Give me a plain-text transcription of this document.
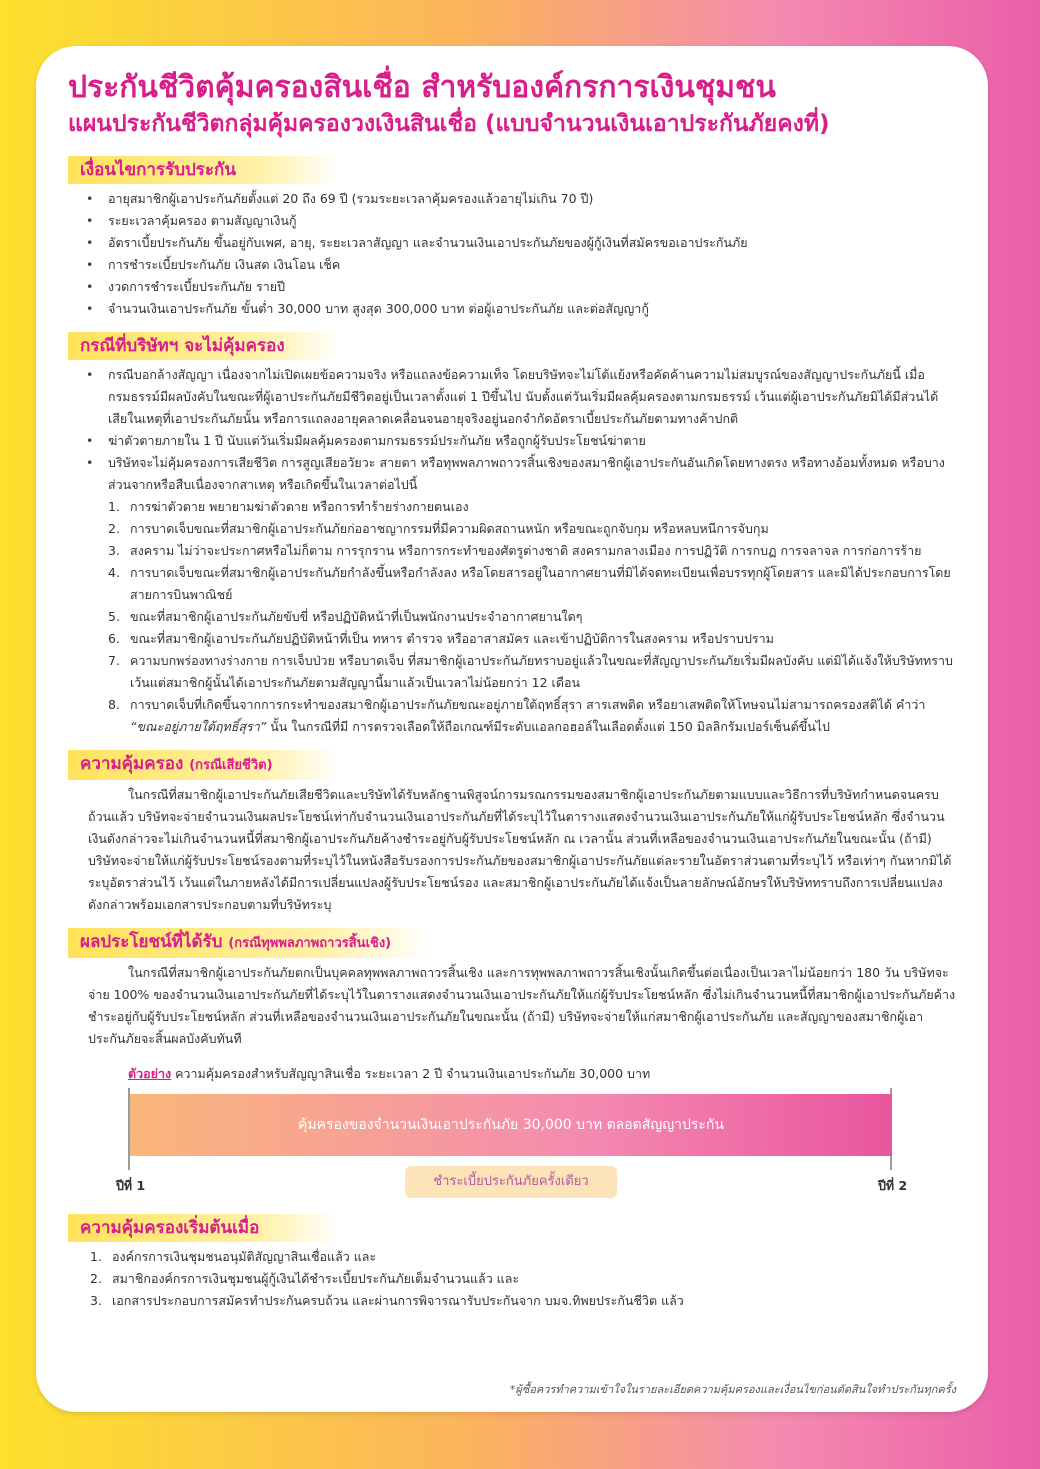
ประกันชีวิตคุ้มครองสินเชื่อ สำหรับองค์กรการเงินชุมชน
แผนประกันชีวิตกลุ่มคุ้มครองวงเงินสินเชื่อ (แบบจำนวนเงินเอาประกันภัยคงที่)
เงื่อนไขการรับประกัน
• อายุสมาชิกผู้เอาประกันภัยตั้งแต่ 20 ถึง 69 ปี (รวมระยะเวลาคุ้มครองแล้วอายุไม่เกิน 70 ปี)
• ระยะเวลาคุ้มครอง ตามสัญญาเงินกู้
• อัตราเบี้ยประกันภัย ขึ้นอยู่กับเพศ, อายุ, ระยะเวลาสัญญา และจำนวนเงินเอาประกันภัยของผู้กู้เงินที่สมัครขอเอาประกันภัย
• การชำระเบี้ยประกันภัย เงินสด เงินโอน เช็ค
• งวดการชำระเบี้ยประกันภัย รายปี
• จำนวนเงินเอาประกันภัย ขั้นต่ำ 30,000 บาท สูงสุด 300,000 บาท ต่อผู้เอาประกันภัย และต่อสัญญากู้
กรณีที่บริษัทฯ จะไม่คุ้มครอง
• กรณีบอกล้างสัญญา เนื่องจากไม่เปิดเผยข้อความจริง หรือแถลงข้อความเท็จ โดยบริษัทจะไม่โต้แย้งหรือคัดค้านความไม่สมบูรณ์ของสัญญาประกันภัยนี้ เมื่อกรมธรรม์มีผลบังคับในขณะที่ผู้เอาประกันภัยมีชีวิตอยู่เป็นเวลาตั้งแต่ 1 ปีขึ้นไป นับตั้งแต่วันเริ่มมีผลคุ้มครองตามกรมธรรม์ เว้นแต่ผู้เอาประกันภัยมิได้มีส่วนได้เสียในเหตุที่เอาประกันภัยนั้น หรือการแถลงอายุคลาดเคลื่อนจนอายุจริงอยู่นอกจำกัดอัตราเบี้ยประกันภัยตามทางค้าปกติ
• ฆ่าตัวตายภายใน 1 ปี นับแต่วันเริ่มมีผลคุ้มครองตามกรมธรรม์ประกันภัย หรือถูกผู้รับประโยชน์ฆ่าตาย
• บริษัทจะไม่คุ้มครองการเสียชีวิต การสูญเสียอวัยวะ สายตา หรือทุพพลภาพถาวรสิ้นเชิงของสมาชิกผู้เอาประกันอันเกิดโดยทางตรง หรือทางอ้อมทั้งหมด หรือบางส่วนจากหรือสืบเนื่องจากสาเหตุ หรือเกิดขึ้นในเวลาต่อไปนี้
1. การฆ่าตัวตาย พยายามฆ่าตัวตาย หรือการทำร้ายร่างกายตนเอง
2. การบาดเจ็บขณะที่สมาชิกผู้เอาประกันภัยก่ออาชญากรรมที่มีความผิดสถานหนัก หรือขณะถูกจับกุม หรือหลบหนีการจับกุม
3. สงคราม ไม่ว่าจะประกาศหรือไม่ก็ตาม การรุกราน หรือการกระทำของศัตรูต่างชาติ สงครามกลางเมือง การปฏิวัติ การกบฏ การจลาจล การก่อการร้าย
4. การบาดเจ็บขณะที่สมาชิกผู้เอาประกันภัยกำลังขึ้นหรือกำลังลง หรือโดยสารอยู่ในอากาศยานที่มิได้จดทะเบียนเพื่อบรรทุกผู้โดยสาร และมิได้ประกอบการโดยสายการบินพาณิชย์
5. ขณะที่สมาชิกผู้เอาประกันภัยขับขี่ หรือปฏิบัติหน้าที่เป็นพนักงานประจำอากาศยานใดๆ
6. ขณะที่สมาชิกผู้เอาประกันภัยปฏิบัติหน้าที่เป็น ทหาร ตำรวจ หรืออาสาสมัคร และเข้าปฏิบัติการในสงคราม หรือปราบปราม
7. ความบกพร่องทางร่างกาย การเจ็บป่วย หรือบาดเจ็บ ที่สมาชิกผู้เอาประกันภัยทราบอยู่แล้วในขณะที่สัญญาประกันภัยเริ่มมีผลบังคับ แต่มิได้แจ้งให้บริษัททราบ เว้นแต่สมาชิกผู้นั้นได้เอาประกันภัยตามสัญญานี้มาแล้วเป็นเวลาไม่น้อยกว่า 12 เดือน
8. การบาดเจ็บที่เกิดขึ้นจากการกระทำของสมาชิกผู้เอาประกันภัยขณะอยู่ภายใต้ฤทธิ์สุรา สารเสพติด หรือยาเสพติดให้โทษจนไม่สามารถครองสติได้ คำว่า “ขณะอยู่ภายใต้ฤทธิ์สุรา” นั้น ในกรณีที่มี การตรวจเลือดให้ถือเกณฑ์มีระดับแอลกอฮอล์ในเลือดตั้งแต่ 150 มิลลิกรัมเปอร์เซ็นต์ขึ้นไป
ความคุ้มครอง (กรณีเสียชีวิต)

ในกรณีที่สมาชิกผู้เอาประกันภัยเสียชีวิตและบริษัทได้รับหลักฐานพิสูจน์การมรณกรรมของสมาชิกผู้เอาประกันภัยตามแบบและวิธีการที่บริษัทกำหนดจนครบถ้วนแล้ว บริษัทจะจ่ายจำนวนเงินผลประโยชน์เท่ากับจำนวนเงินเอาประกันภัยที่ได้ระบุไว้ในตารางแสดงจำนวนเงินเอาประกันภัยให้แก่ผู้รับประโยชน์หลัก ซึ่งจำนวนเงินดังกล่าวจะไม่เกินจำนวนหนี้ที่สมาชิกผู้เอาประกันภัยค้างชำระอยู่กับผู้รับประโยชน์หลัก ณ เวลานั้น ส่วนที่เหลือของจำนวนเงินเอาประกันภัยในขณะนั้น (ถ้ามี) บริษัทจะจ่ายให้แก่ผู้รับประโยชน์รองตามที่ระบุไว้ในหนังสือรับรองการประกันภัยของสมาชิกผู้เอาประกันภัยแต่ละรายในอัตราส่วนตามที่ระบุไว้ หรือเท่าๆ กันหากมิได้ระบุอัตราส่วนไว้ เว้นแต่ในภายหลังได้มีการเปลี่ยนแปลงผู้รับประโยชน์รอง และสมาชิกผู้เอาประกันภัยได้แจ้งเป็นลายลักษณ์อักษรให้บริษัททราบถึงการเปลี่ยนแปลงดังกล่าวพร้อมเอกสารประกอบตามที่บริษัทระบุ

ผลประโยชน์ที่ได้รับ (กรณีทุพพลภาพถาวรสิ้นเชิง)

ในกรณีที่สมาชิกผู้เอาประกันภัยตกเป็นบุคคลทุพพลภาพถาวรสิ้นเชิง และการทุพพลภาพถาวรสิ้นเชิงนั้นเกิดขึ้นต่อเนื่องเป็นเวลาไม่น้อยกว่า 180 วัน บริษัทจะจ่าย 100% ของจำนวนเงินเอาประกันภัยที่ได้ระบุไว้ในตารางแสดงจำนวนเงินเอาประกันภัยให้แก่ผู้รับประโยชน์หลัก ซึ่งไม่เกินจำนวนหนี้ที่สมาชิกผู้เอาประกันภัยค้างชำระอยู่กับผู้รับประโยชน์หลัก ส่วนที่เหลือของจำนวนเงินเอาประกันภัยในขณะนั้น (ถ้ามี) บริษัทจะจ่ายให้แก่สมาชิกผู้เอาประกันภัย และสัญญาของสมาชิกผู้เอาประกันภัยจะสิ้นผลบังคับทันที

ตัวอย่าง ความคุ้มครองสำหรับสัญญาสินเชื่อ ระยะเวลา 2 ปี จำนวนเงินเอาประกันภัย 30,000 บาท
คุ้มครองของจำนวนเงินเอาประกันภัย 30,000 บาท ตลอดสัญญาประกัน
ปีที่ 1	ปีที่ 2
ชำระเบี้ยประกันภัยครั้งเดียว
ความคุ้มครองเริ่มต้นเมื่อ
1. องค์กรการเงินชุมชนอนุมัติสัญญาสินเชื่อแล้ว และ
2. สมาชิกองค์กรการเงินชุมชนผู้กู้เงินได้ชำระเบี้ยประกันภัยเต็มจำนวนแล้ว และ
3. เอกสารประกอบการสมัครทำประกันครบถ้วน และผ่านการพิจารณารับประกันจาก บมจ.ทิพยประกันชีวิต แล้ว
*ผู้ซื้อควรทำความเข้าใจในรายละเอียดความคุ้มครองและเงื่อนไขก่อนตัดสินใจทำประกันทุกครั้ง
